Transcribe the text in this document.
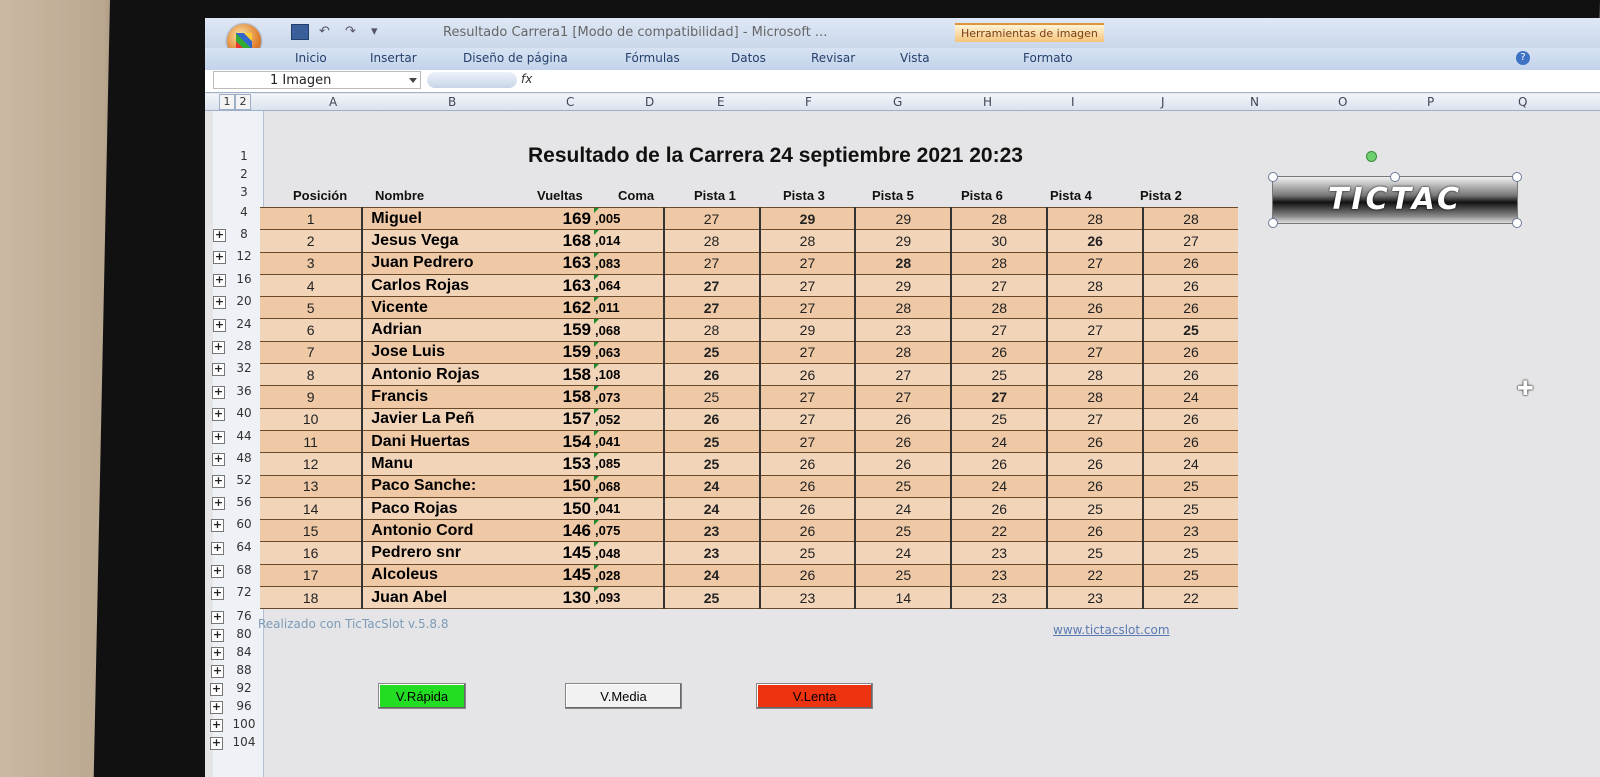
↶	↷	▾	Resultado Carrera1 [Modo de compatibilidad] - Microsoft ...	Herramientas de imagen
Inicio	Insertar	Diseño de página	Fórmulas	Datos	Revisar	Vista	Formato	?
1 Imagen	fx
1 2	A	B	C	D	E	F	G	H	I	J	N	O	P	Q
1
2
3
4
8
+
12
+
16
+
20
+
24
+
28
+
32
+
36
+
40
+
44
+
48
+
52
+
56
+
60
+
64
+
68
+
72
+
76
+
80
+
84
+
88
+
92
+
96
+
100
+
104
+
Resultado de la Carrera 24 septiembre 2021 20:23
Posición Nombre	Vueltas	Coma	Pista 1	Pista 3	Pista 5	Pista 6	Pista 4	Pista 2
1	Miguel	169	,005	27	29	29	28	28	28
2	Jesus Vega	168	,014	28	28	29	30	26	27
3	Juan Pedrero	163	,083	27	27	28	28	27	26
4	Carlos Rojas	163	,064	27	27	29	27	28	26
5	Vicente	162	,011	27	27	28	28	26	26
6	Adrian	159	,068	28	29	23	27	27	25
7	Jose Luis	159	,063	25	27	28	26	27	26
8	Antonio Rojas	158	,108	26	26	27	25	28	26
9	Francis	158	,073	25	27	27	27	28	24
10	Javier La Peñ	157	,052	26	27	26	25	27	26
11	Dani Huertas	154	,041	25	27	26	24	26	26
12	Manu	153	,085	25	26	26	26	26	24
13	Paco Sanche:	150	,068	24	26	25	24	26	25
14	Paco Rojas	150	,041	24	26	24	26	25	25
15	Antonio Cord	146	,075	23	26	25	22	26	23
16	Pedrero snr	145	,048	23	25	24	23	25	25
17	Alcoleus	145	,028	24	26	25	23	22	25
18	Juan Abel	130	,093	25	23	14	23	23	22
Realizado con TicTacSlot v.5.8.8	www.tictacslot.com
TICTAC
V.Rápida	V.Media	V.Lenta
✚
